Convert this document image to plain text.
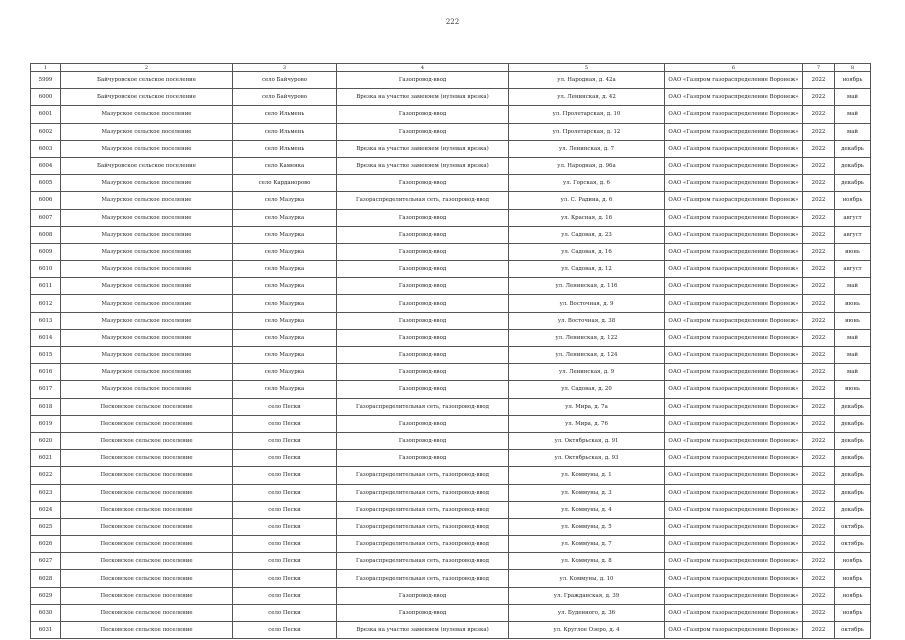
222
1	2	3	4	5	6	7	8
5999	Байчуровское сельское поселение	село Байчурово	Газопровод-ввод	ул. Народная, д. 42а	ОАО «Газпром газораспределение Воронеж»	2022	ноябрь
6000	Байчуровское сельское поселение	село Байчурово	Врезка на участке заменяем (нулевая врезка)	ул. Ленинская, д. 42	ОАО «Газпром газораспределение Воронеж»	2022	май
6001	Мазурское сельское поселение	село Ильмень	Газопровод-ввод	ул. Пролетарская, д. 10	ОАО «Газпром газораспределение Воронеж»	2022	май
6002	Мазурское сельское поселение	село Ильмень	Газопровод-ввод	ул. Пролетарская, д. 12	ОАО «Газпром газораспределение Воронеж»	2022	май
6003	Мазурское сельское поселение	село Ильмень	Врезка на участке заменяем (нулевая врезка)	ул. Ленинская, д. 7	ОАО «Газпром газораспределение Воронеж»	2022	декабрь
6004	Байчуровское сельское поселение	село Каменка	Врезка на участке заменяем (нулевая врезка)	ул. Народная, д. 96а	ОАО «Газпром газораспределение Воронеж»	2022	декабрь
6005	Мазурское сельское поселение	село Карданорово	Газопровод-ввод	ул. Горская, д. 6	ОАО «Газпром газораспределение Воронеж»	2022	декабрь
6006	Мазурское сельское поселение	село Мазурка	Газораспределительная сеть, газопровод-ввод	ул. С. Радина, д. 6	ОАО «Газпром газораспределение Воронеж»	2022	ноябрь
6007	Мазурское сельское поселение	село Мазурка	Газопровод-ввод	ул. Красная, д. 16	ОАО «Газпром газораспределение Воронеж»	2022	август
6008	Мазурское сельское поселение	село Мазурка	Газопровод-ввод	ул. Садовая, д. 23	ОАО «Газпром газораспределение Воронеж»	2022	август
6009	Мазурское сельское поселение	село Мазурка	Газопровод-ввод	ул. Садовая, д. 16	ОАО «Газпром газораспределение Воронеж»	2022	июнь
6010	Мазурское сельское поселение	село Мазурка	Газопровод-ввод	ул. Садовая, д. 12	ОАО «Газпром газораспределение Воронеж»	2022	август
6011	Мазурское сельское поселение	село Мазурка	Газопровод-ввод	ул. Ленинская, д. 116	ОАО «Газпром газораспределение Воронеж»	2022	май
6012	Мазурское сельское поселение	село Мазурка	Газопровод-ввод	ул. Восточная, д. 9	ОАО «Газпром газораспределение Воронеж»	2022	июнь
6013	Мазурское сельское поселение	село Мазурка	Газопровод-ввод	ул. Восточная, д. 38	ОАО «Газпром газораспределение Воронеж»	2022	июнь
6014	Мазурское сельское поселение	село Мазурка	Газопровод-ввод	ул. Ленинская, д. 122	ОАО «Газпром газораспределение Воронеж»	2022	май
6015	Мазурское сельское поселение	село Мазурка	Газопровод-ввод	ул. Ленинская, д. 124	ОАО «Газпром газораспределение Воронеж»	2022	май
6016	Мазурское сельское поселение	село Мазурка	Газопровод-ввод	ул. Ленинская, д. 9	ОАО «Газпром газораспределение Воронеж»	2022	май
6017	Мазурское сельское поселение	село Мазурка	Газопровод-ввод	ул. Садовая, д. 20	ОАО «Газпром газораспределение Воронеж»	2022	июнь
6018	Песковское сельское поселение	село Пески	Газораспределительная сеть, газопровод-ввод	ул. Мира, д. 7а	ОАО «Газпром газораспределение Воронеж»	2022	декабрь
6019	Песковское сельское поселение	село Пески	Газопровод-ввод	ул. Мира, д. 76	ОАО «Газпром газораспределение Воронеж»	2022	декабрь
6020	Песковское сельское поселение	село Пески	Газопровод-ввод	ул. Октябрьская, д. 91	ОАО «Газпром газораспределение Воронеж»	2022	декабрь
6021	Песковское сельское поселение	село Пески	Газопровод-ввод	ул. Октябрьская, д. 93	ОАО «Газпром газораспределение Воронеж»	2022	декабрь
6022	Песковское сельское поселение	село Пески	Газораспределительная сеть, газопровод-ввод	ул. Коммуны, д. 1	ОАО «Газпром газораспределение Воронеж»	2022	декабрь
6023	Песковское сельское поселение	село Пески	Газораспределительная сеть, газопровод-ввод	ул. Коммуны, д. 3	ОАО «Газпром газораспределение Воронеж»	2022	декабрь
6024	Песковское сельское поселение	село Пески	Газораспределительная сеть, газопровод-ввод	ул. Коммуны, д. 4	ОАО «Газпром газораспределение Воронеж»	2022	декабрь
6025	Песковское сельское поселение	село Пески	Газораспределительная сеть, газопровод-ввод	ул. Коммуны, д. 5	ОАО «Газпром газораспределение Воронеж»	2022	октябрь
6026	Песковское сельское поселение	село Пески	Газораспределительная сеть, газопровод-ввод	ул. Коммуны, д. 7	ОАО «Газпром газораспределение Воронеж»	2022	октябрь
6027	Песковское сельское поселение	село Пески	Газораспределительная сеть, газопровод-ввод	ул. Коммуны, д. 8	ОАО «Газпром газораспределение Воронеж»	2022	ноябрь
6028	Песковское сельское поселение	село Пески	Газораспределительная сеть, газопровод-ввод	ул. Коммуны, д. 10	ОАО «Газпром газораспределение Воронеж»	2022	ноябрь
6029	Песковское сельское поселение	село Пески	Газопровод-ввод	ул. Гражданская, д. 39	ОАО «Газпром газораспределение Воронеж»	2022	ноябрь
6030	Песковское сельское поселение	село Пески	Газопровод-ввод	ул. Буденного, д. 36	ОАО «Газпром газораспределение Воронеж»	2022	ноябрь
6031	Песковское сельское поселение	село Пески	Врезка на участке заменяем (нулевая врезка)	ул. Круглое Озеро, д. 4	ОАО «Газпром газораспределение Воронеж»	2022	октябрь
